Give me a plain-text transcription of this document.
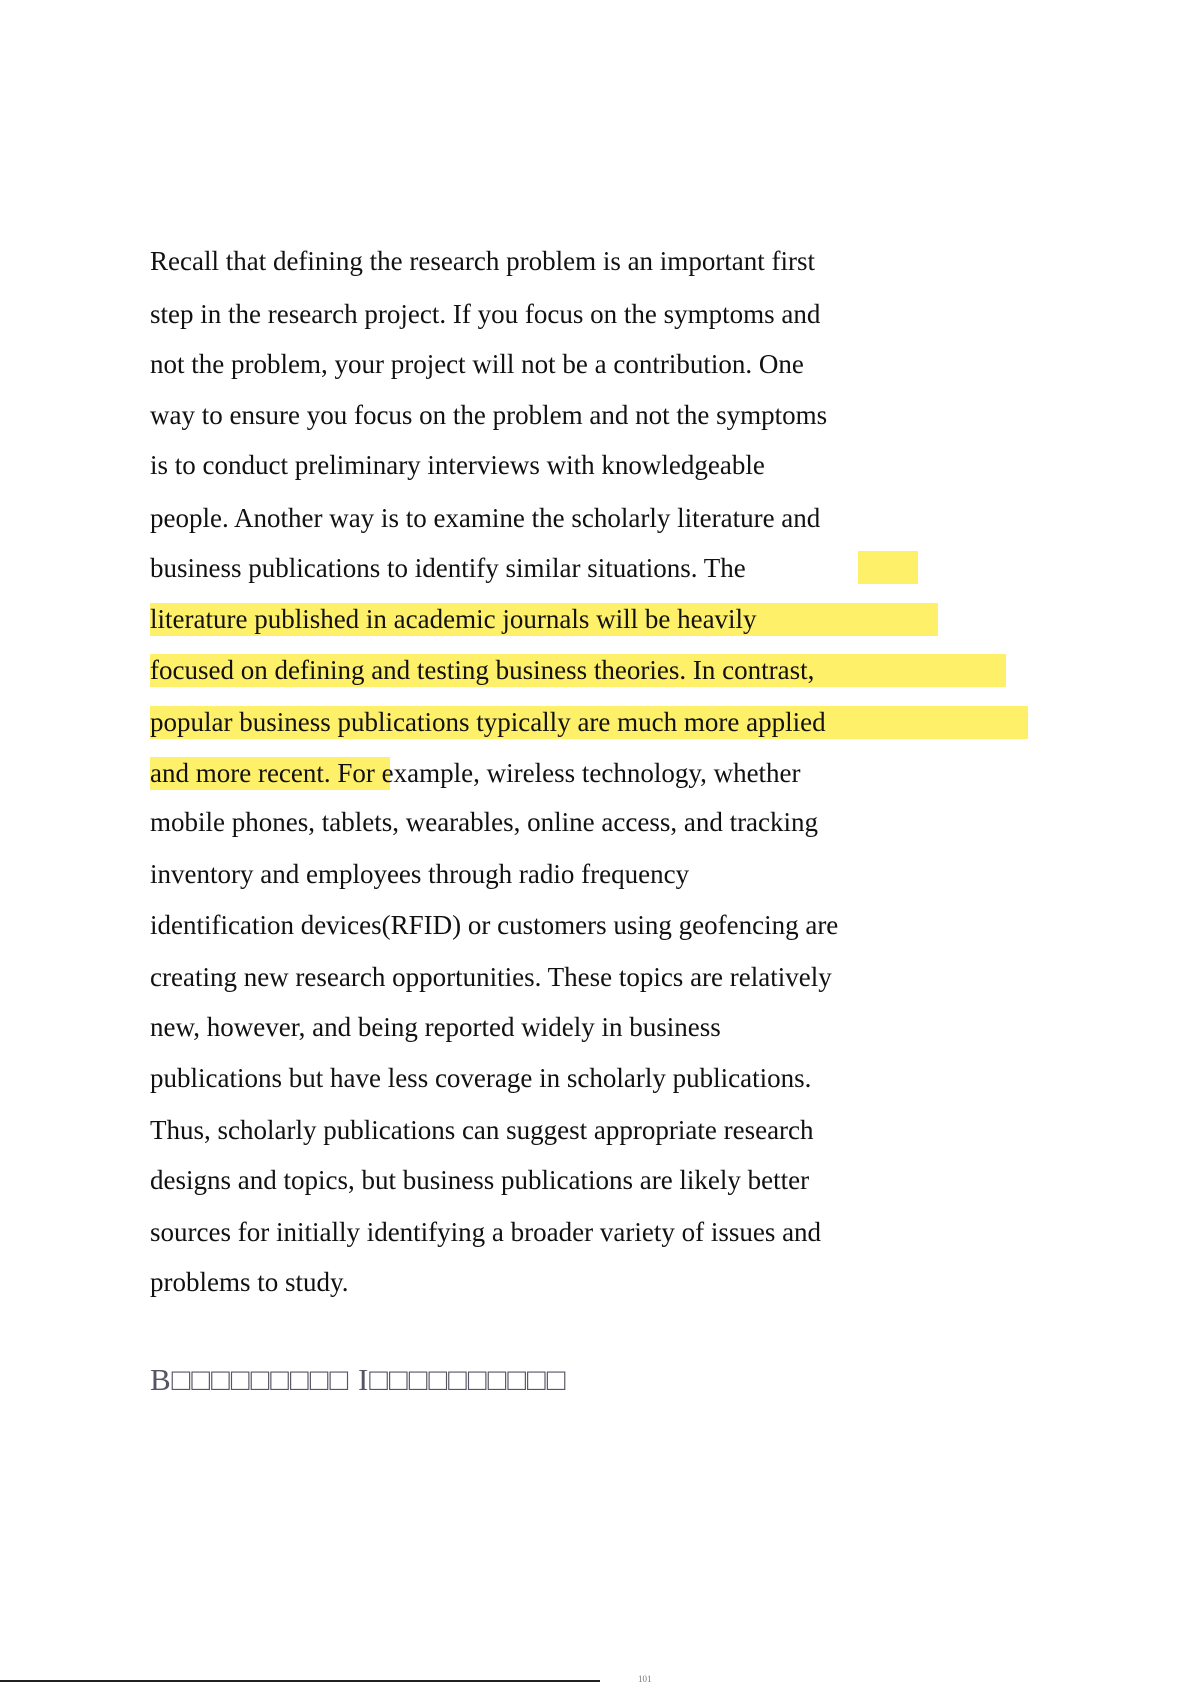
Recall that defining the research problem is an important first
step in the research project. If you focus on the symptoms and
not the problem, your project will not be a contribution. One
way to ensure you focus on the problem and not the symptoms
is to conduct preliminary interviews with knowledgeable
people. Another way is to examine the scholarly literature and
business publications to identify similar situations. The
literature published in academic journals will be heavily
focused on defining and testing business theories. In contrast,
popular business publications typically are much more applied
and more recent. For example, wireless technology, whether
mobile phones, tablets, wearables, online access, and tracking
inventory and employees through radio frequency
identification devices(RFID) or customers using geofencing are
creating new research opportunities. These topics are relatively
new, however, and being reported widely in business
publications but have less coverage in scholarly publications.
Thus, scholarly publications can suggest appropriate research
designs and topics, but business publications are likely better
sources for initially identifying a broader variety of issues and
problems to study.
B□□□□□□□□□ I□□□□□□□□□□
101
